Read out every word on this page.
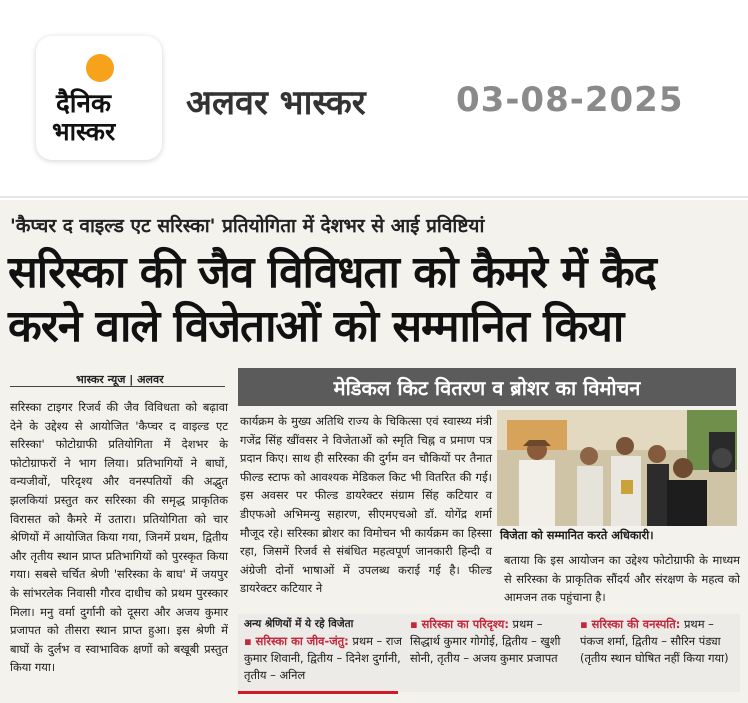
दैनिक
भास्कर
अलवर भास्कर	03-08-2025
'कैप्चर द वाइल्ड एट सरिस्का' प्रतियोगिता में देशभर से आई प्रविष्टियां
सरिस्का की जैव विविधता को कैमरे में कैद
करने वाले विजेताओं को सम्मानित किया
भास्कर न्यूज | अलवर
सरिस्का टाइगर रिजर्व की जैव विविधता को बढ़ावा देने के उद्देश्य से आयोजित 'कैप्चर द वाइल्ड एट सरिस्का' फोटोग्राफी प्रतियोगिता में देशभर के फोटोग्राफरों ने भाग लिया। प्रतिभागियों ने बाघों, वन्यजीवों, परिदृश्य और वनस्पतियों की अद्भुत झलकियां प्रस्तुत कर सरिस्का की समृद्ध प्राकृतिक विरासत को कैमरे में उतारा। प्रतियोगिता को चार श्रेणियों में आयोजित किया गया, जिनमें प्रथम, द्वितीय और तृतीय स्थान प्राप्त प्रतिभागियों को पुरस्कृत किया गया। सबसे चर्चित श्रेणी 'सरिस्का के बाघ' में जयपुर के सांभरलेक निवासी गौरव दाधीच को प्रथम पुरस्कार मिला। मनु वर्मा दुर्गानी को दूसरा और अजय कुमार प्रजापत को तीसरा स्थान प्राप्त हुआ। इस श्रेणी में बाघों के दुर्लभ व स्वाभाविक क्षणों को बखूबी प्रस्तुत किया गया।
मेडिकल किट वितरण व ब्रोशर का विमोचन
कार्यक्रम के मुख्य अतिथि राज्य के चिकित्सा एवं स्वास्थ्य मंत्री गजेंद्र सिंह खींवसर ने विजेताओं को स्मृति चिह्न व प्रमाण पत्र प्रदान किए। साथ ही सरिस्का की दुर्गम वन चौकियों पर तैनात फील्ड स्टाफ को आवश्यक मेडिकल किट भी वितरित की गई। इस अवसर पर फील्ड डायरेक्टर संग्राम सिंह कटियार व डीएफओ अभिमन्यु सहारण, सीएमएचओ डॉ. योगेंद्र शर्मा मौजूद रहे। सरिस्का ब्रोशर का विमोचन भी कार्यक्रम का हिस्सा रहा, जिसमें रिजर्व से संबंधित महत्वपूर्ण जानकारी हिन्दी व अंग्रेजी दोनों भाषाओं में उपलब्ध कराई गई है। फील्ड डायरेक्टर कटियार ने
विजेता को सम्मानित करते अधिकारी।
बताया कि इस आयोजन का उद्देश्य फोटोग्राफी के माध्यम से सरिस्का के प्राकृतिक सौंदर्य और संरक्षण के महत्व को आमजन तक पहुंचाना है।
अन्य श्रेणियों में ये रहे विजेता
▪ सरिस्का का जीव-जंतु: प्रथम – राज कुमार शिवानी, द्वितीय – दिनेश दुर्गानी, तृतीय – अनिल
▪ सरिस्का का परिदृश्य: प्रथम – सिद्धार्थ कुमार गोगोई, द्वितीय – खुशी सोनी, तृतीय – अजय कुमार प्रजापत
▪ सरिस्का की वनस्पति: प्रथम – पंकज शर्मा, द्वितीय – सौरिन पंड्या (तृतीय स्थान घोषित नहीं किया गया)
